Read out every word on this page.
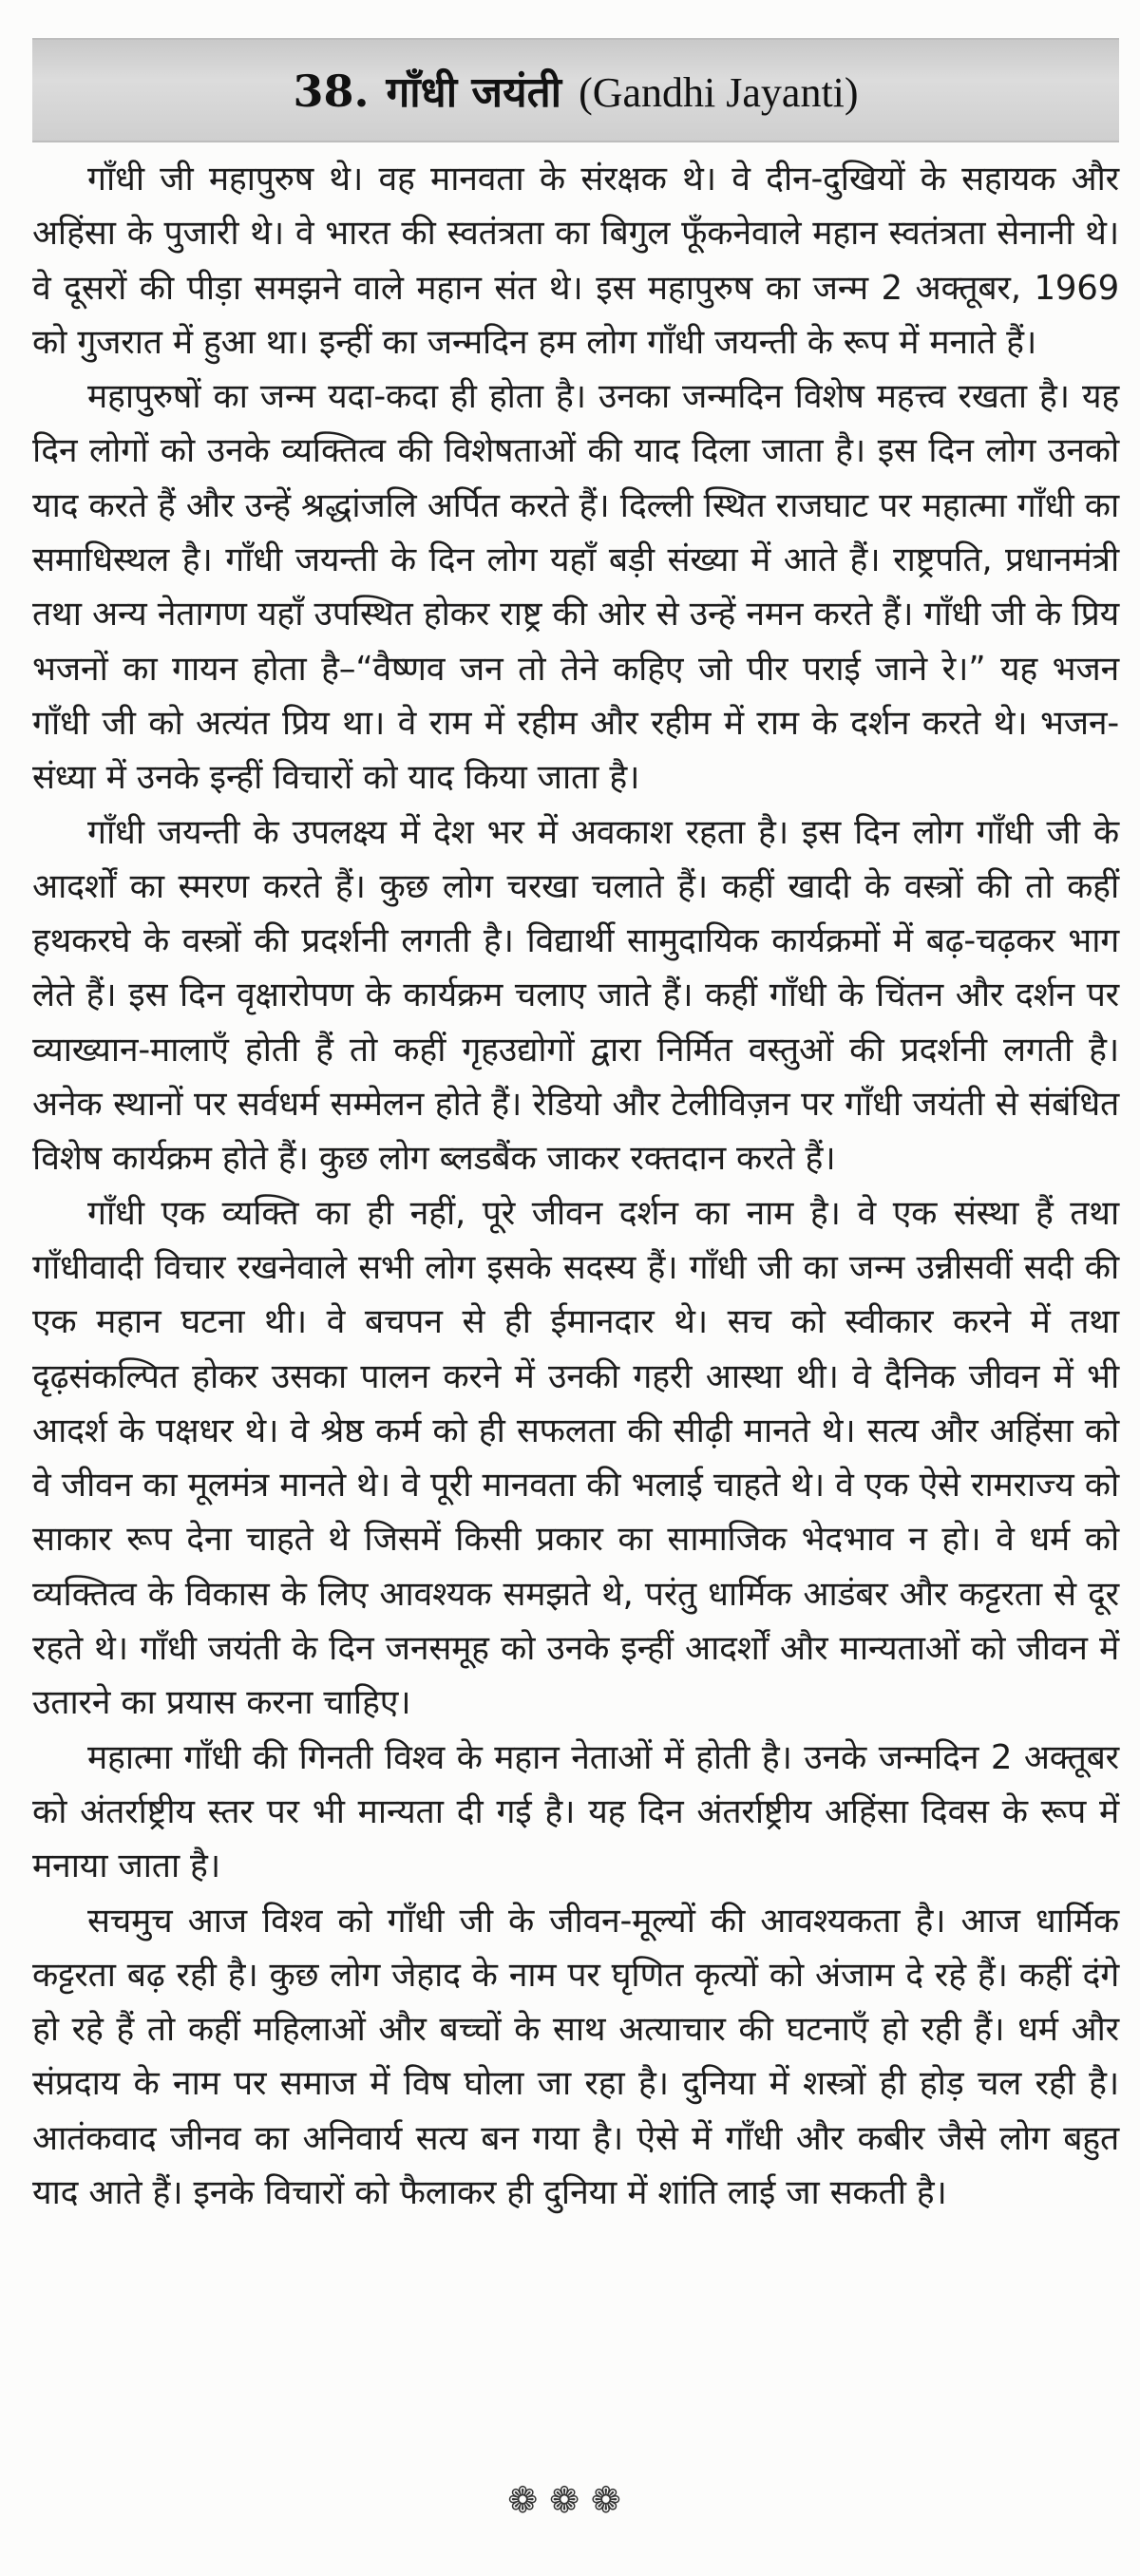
38. गाँधी जयंती (Gandhi Jayanti)

गाँधी जी महापुरुष थे। वह मानवता के संरक्षक थे। वे दीन-दुखियों के सहायक और अहिंसा के पुजारी थे। वे भारत की स्वतंत्रता का बिगुल फूँकनेवाले महान स्वतंत्रता सेनानी थे। वे दूसरों की पीड़ा समझने वाले महान संत थे। इस महापुरुष का जन्म 2 अक्तूबर, 1969 को गुजरात में हुआ था। इन्हीं का जन्मदिन हम लोग गाँधी जयन्ती के रूप में मनाते हैं।

महापुरुषों का जन्म यदा-कदा ही होता है। उनका जन्मदिन विशेष महत्त्व रखता है। यह दिन लोगों को उनके व्यक्तित्व की विशेषताओं की याद दिला जाता है। इस दिन लोग उनको याद करते हैं और उन्हें श्रद्धांजलि अर्पित करते हैं। दिल्ली स्थित राजघाट पर महात्मा गाँधी का समाधिस्थल है। गाँधी जयन्ती के दिन लोग यहाँ बड़ी संख्या में आते हैं। राष्ट्रपति, प्रधानमंत्री तथा अन्य नेतागण यहाँ उपस्थित होकर राष्ट्र की ओर से उन्हें नमन करते हैं। गाँधी जी के प्रिय भजनों का गायन होता है–“वैष्णव जन तो तेने कहिए जो पीर पराई जाने रे।” यह भजन गाँधी जी को अत्यंत प्रिय था। वे राम में रहीम और रहीम में राम के दर्शन करते थे। भजन-संध्या में उनके इन्हीं विचारों को याद किया जाता है।

गाँधी जयन्ती के उपलक्ष्य में देश भर में अवकाश रहता है। इस दिन लोग गाँधी जी के आदर्शों का स्मरण करते हैं। कुछ लोग चरखा चलाते हैं। कहीं खादी के वस्त्रों की तो कहीं हथकरघे के वस्त्रों की प्रदर्शनी लगती है। विद्यार्थी सामुदायिक कार्यक्रमों में बढ़-चढ़कर भाग लेते हैं। इस दिन वृक्षारोपण के कार्यक्रम चलाए जाते हैं। कहीं गाँधी के चिंतन और दर्शन पर व्याख्यान-मालाएँ होती हैं तो कहीं गृहउद्योगों द्वारा निर्मित वस्तुओं की प्रदर्शनी लगती है। अनेक स्थानों पर सर्वधर्म सम्मेलन होते हैं। रेडियो और टेलीविज़न पर गाँधी जयंती से संबंधित विशेष कार्यक्रम होते हैं। कुछ लोग ब्लडबैंक जाकर रक्तदान करते हैं।

गाँधी एक व्यक्ति का ही नहीं, पूरे जीवन दर्शन का नाम है। वे एक संस्था हैं तथा गाँधीवादी विचार रखनेवाले सभी लोग इसके सदस्य हैं। गाँधी जी का जन्म उन्नीसवीं सदी की एक महान घटना थी। वे बचपन से ही ईमानदार थे। सच को स्वीकार करने में तथा दृढ़संकल्पित होकर उसका पालन करने में उनकी गहरी आस्था थी। वे दैनिक जीवन में भी आदर्श के पक्षधर थे। वे श्रेष्ठ कर्म को ही सफलता की सीढ़ी मानते थे। सत्य और अहिंसा को वे जीवन का मूलमंत्र मानते थे। वे पूरी मानवता की भलाई चाहते थे। वे एक ऐसे रामराज्य को साकार रूप देना चाहते थे जिसमें किसी प्रकार का सामाजिक भेदभाव न हो। वे धर्म को व्यक्तित्व के विकास के लिए आवश्यक समझते थे, परंतु धार्मिक आडंबर और कट्टरता से दूर रहते थे। गाँधी जयंती के दिन जनसमूह को उनके इन्हीं आदर्शों और मान्यताओं को जीवन में उतारने का प्रयास करना चाहिए।

महात्मा गाँधी की गिनती विश्व के महान नेताओं में होती है। उनके जन्मदिन 2 अक्तूबर को अंतर्राष्ट्रीय स्तर पर भी मान्यता दी गई है। यह दिन अंतर्राष्ट्रीय अहिंसा दिवस के रूप में मनाया जाता है।

सचमुच आज विश्व को गाँधी जी के जीवन-मूल्यों की आवश्यकता है। आज धार्मिक कट्टरता बढ़ रही है। कुछ लोग जेहाद के नाम पर घृणित कृत्यों को अंजाम दे रहे हैं। कहीं दंगे हो रहे हैं तो कहीं महिलाओं और बच्चों के साथ अत्याचार की घटनाएँ हो रही हैं। धर्म और संप्रदाय के नाम पर समाज में विष घोला जा रहा है। दुनिया में शस्त्रों ही होड़ चल रही है। आतंकवाद जीनव का अनिवार्य सत्य बन गया है। ऐसे में गाँधी और कबीर जैसे लोग बहुत याद आते हैं। इनके विचारों को फैलाकर ही दुनिया में शांति लाई जा सकती है।

❁❁❁
